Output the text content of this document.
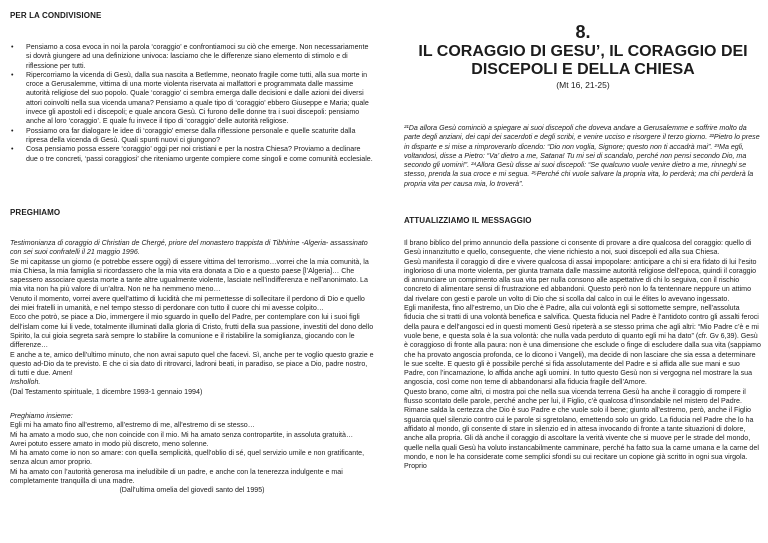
PER LA CONDIVISIONE
• Pensiamo a cosa evoca in noi la parola ‘coraggio’ e confrontiamoci su ciò che emerge. Non necessariamente si dovrà giungere ad una definizione univoca: lasciamo che le differenze siano elemento di stimolo e di riflessione per tutti.
• Ripercorriamo la vicenda di Gesù, dalla sua nascita a Betlemme, neonato fragile come tutti, alla sua morte in croce a Gerusalemme, vittima di una morte violenta riservata ai malfattori e programmata dalle massime autorità religiose del suo popolo. Quale ‘coraggio’ ci sembra emerga dalle decisioni e dalle azioni dei diversi attori coinvolti nella sua vicenda umana? Pensiamo a quale tipo di ‘coraggio’ ebbero Giuseppe e Maria; quale invece gli apostoli ed i discepoli; e quale ancora Gesù. Ci furono delle donne tra i suoi discepoli: pensiamo anche al loro ‘coraggio’. E quale fu invece il tipo di ‘coraggio’ delle autorità religiose.
• Possiamo ora far dialogare le idee di ‘coraggio’ emerse dalla riflessione personale e quelle scaturite dalla ripresa della vicenda di Gesù. Quali spunti nuovi ci giungono?
• Cosa pensiamo possa essere ‘coraggio’ oggi per noi cristiani e per la nostra Chiesa? Proviamo a declinare due o tre concreti, ‘passi coraggiosi’ che riteniamo urgente compiere come singoli e come comunità ecclesiale.
PREGHIAMO

Testimonianza di coraggio di Christian de Chergé, priore del monastero trappista di Tibhirine -Algeria- assassinato con sei suoi confratelli il 21 maggio 1996.

Se mi capitasse un giorno (e potrebbe essere oggi) di essere vittima del terrorismo…vorrei che la mia comunità, la mia Chiesa, la mia famiglia si ricordassero che la mia vita era donata a Dio e a questo paese [l’Algeria]… Che sapessero associare questa morte a tante altre ugualmente violente, lasciate nell’indifferenza e nell’anonimato. La mia vita non ha più valore di un’altra. Non ne ha nemmeno meno…

Venuto il momento, vorrei avere quell’attimo di lucidità che mi permettesse di sollecitare il perdono di Dio e quello dei miei fratelli in umanità, e nel tempo stesso di perdonare con tutto il cuore chi mi avesse colpito…

Ecco che potrò, se piace a Dio, immergere il mio sguardo in quello del Padre, per contemplare con lui i suoi figli dell’islam come lui li vede, totalmente illuminati dalla gloria di Cristo, frutti della sua passione, investiti del dono dello Spirito, la cui gioia segreta sarà sempre lo stabilire la comunione e il ristabilire la somiglianza, giocando con le differenze…

E anche a te, amico dell’ultimo minuto, che non avrai saputo quel che facevi. Sì, anche per te voglio questo grazie e questo ad-Dio da te previsto. E che ci sia dato di ritrovarci, ladroni beati, in paradiso, se piace a Dio, padre nostro, di tutti e due. Amen!

Insholloh.

(Dal Testamento spirituale, 1 dicembre 1993-1 gennaio 1994)

Preghiamo insieme:

Egli mi ha amato fino all’estremo, all’estremo di me, all’estremo di se stesso…

Mi ha amato a modo suo, che non coincide con il mio. Mi ha amato senza contropartite, in assoluta gratuità…

Avrei potuto essere amato in modo più discreto, meno solenne.

Mi ha amato come io non so amare: con quella semplicità, quell’oblio di sé, quel servizio umile e non gratificante, senza alcun amor proprio.

Mi ha amato con l’autorità generosa ma ineludibile di un padre, e anche con la tenerezza indulgente e mai completamente tranquilla di una madre.

(Dall’ultima omelia del giovedì santo del 1995)

8.
IL CORAGGIO DI GESU’, IL CORAGGIO DEI DISCEPOLI E DELLA CHIESA
(Mt 16, 21-25)
²¹Da allora Gesù cominciò a spiegare ai suoi discepoli che doveva andare a Gerusalemme e soffrire molto da parte degli anziani, dei capi dei sacerdoti e degli scribi, e venire ucciso e risorgere il terzo giorno. ²²Pietro lo prese in disparte e si mise a rimproverarlo dicendo: “Dio non voglia, Signore; questo non ti accadrà mai”. ²³Ma egli, voltandosi, disse a Pietro: “Va’ dietro a me, Satana! Tu mi sei di scandalo, perché non pensi secondo Dio, ma secondo gli uomini!”. ²⁴Allora Gesù disse ai suoi discepoli: “Se qualcuno vuole venire dietro a me, rinneghi se stesso, prenda la sua croce e mi segua. ²⁵Perché chi vuole salvare la propria vita, lo perderà; ma chi perderà la propria vita per causa mia, lo troverà”.
ATTUALIZZIAMO IL MESSAGGIO

Il brano biblico del primo annuncio della passione ci consente di provare a dire qualcosa del coraggio: quello di Gesù innanzitutto e quello, conseguente, che viene richiesto a noi, suoi discepoli ed alla sua Chiesa.

Gesù manifesta il coraggio di dire e vivere qualcosa di assai impopolare: anticipare a chi si era fidato di lui l’esito inglorioso di una morte violenta, per giunta tramata dalle massime autorità religiose dell’epoca, quindi il coraggio di annunciare un compimento alla sua vita per nulla consono alle aspettative di chi lo seguiva, con il rischio concreto di alimentare sensi di frustrazione ed abbandoni. Questo però non lo fa tentennare neppure un attimo dal rivelare con gesti e parole un volto di Dio che si scolla dal calco in cui le élites lo avevano ingessato.

Egli manifesta, fino all’estremo, un Dio che è Padre, alla cui volontà egli si sottomette sempre, nell’assoluta fiducia che si tratti di una volontà benefica e salvifica. Questa fiducia nel Padre è l’antidoto contro gli assalti feroci della paura e dell’angosci ed in questi momenti Gesù ripeterà a se stesso prima che agli altri: “Mio Padre c’è e mi vuole bene, e questa sola è la sua volontà: che nulla vada perduto di quanto egli mi ha dato” (cfr. Gv 6,39). Gesù è coraggioso di fronte alla paura: non è una dimensione che esclude o finge di escludere dalla sua vita (sappiamo che ha provato angoscia profonda, ce lo dicono i Vangeli), ma decide di non lasciare che sia essa a determinare le sue scelte. E questo gli è possibile perché si fida assolutamente del Padre e si affida alle sue mani e suo Padre, con l’incarnazione, lo affida anche agli uomini. In tutto questo Gesù non si vergogna nel mostrare la sua angoscia, così come non teme di abbandonarsi alla fiducia fragile dell’Amore.

Questo brano, come altri, ci mostra poi che nella sua vicenda terrena Gesù ha anche il coraggio di rompere il flusso scontato delle parole, perché anche per lui, il Figlio, c’è qualcosa d’insondabile nel mistero del Padre. Rimane salda la certezza che Dio è suo Padre e che vuole solo il bene; giunto all’estremo, però, anche il Figlio sguarcia quel silenzio contro cui le parole si sgretolano, emettendo solo un grido. La fiducia nel Padre che lo ha affidato al mondo, gli consente di stare in silenzio ed in attesa invocando di fronte a tante situazioni di dolore, anche alla propria. Gli dà anche il coraggio di ascoltare la verità vivente che si muove per le strade del mondo, quelle nella quali Gesù ha voluto instancabilmente camminare, perché ha fatto sua la carne umana e la carne del mondo, e non le ha considerate come semplici sfondi su cui recitare un copione già scritto in ogni sua virgola. Proprio
